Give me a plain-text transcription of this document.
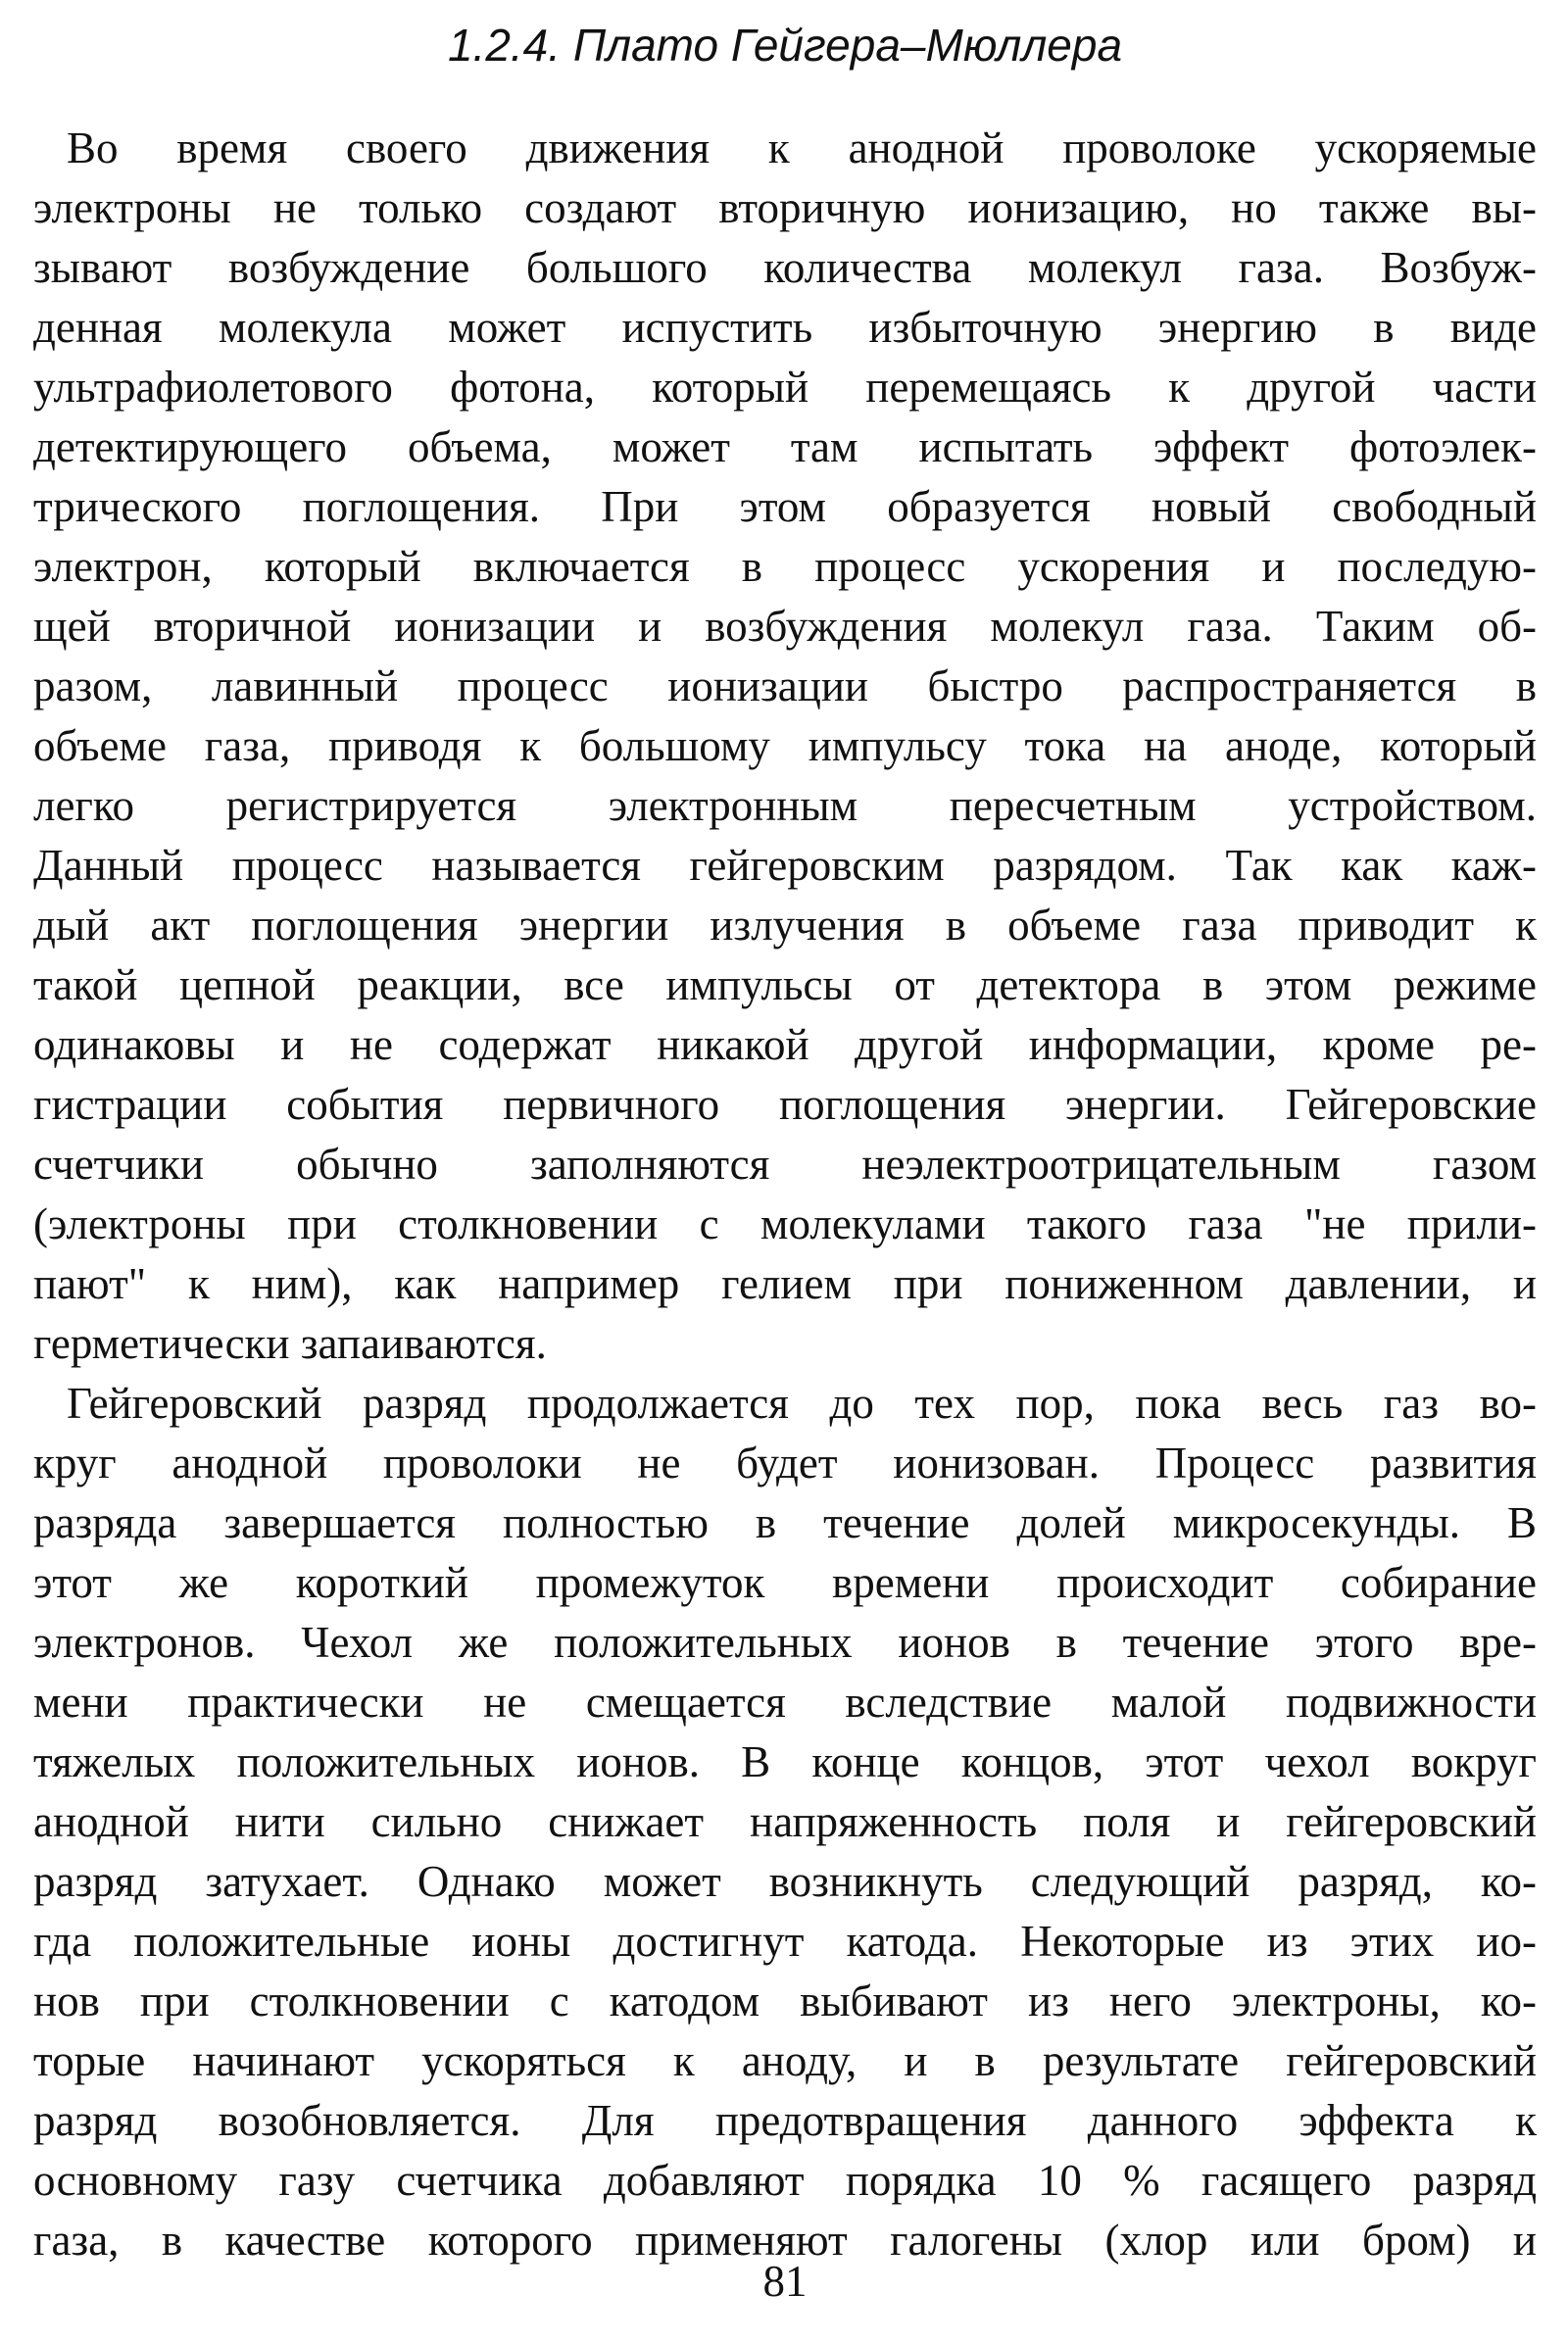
1.2.4. Плато Гейгера–Мюллера
Во время своего движения к анодной проволоке ускоряемые
электроны не только создают вторичную ионизацию, но также вы-
зывают возбуждение большого количества молекул газа. Возбуж-
денная молекула может испустить избыточную энергию в виде
ультрафиолетового фотона, который перемещаясь к другой части
детектирующего объема, может там испытать эффект фотоэлек-
трического поглощения. При этом образуется новый свободный
электрон, который включается в процесс ускорения и последую-
щей вторичной ионизации и возбуждения молекул газа. Таким об-
разом, лавинный процесс ионизации быстро распространяется в
объеме газа, приводя к большому импульсу тока на аноде, который
легко регистрируется электронным пересчетным устройством.
Данный процесс называется гейгеровским разрядом. Так как каж-
дый акт поглощения энергии излучения в объеме газа приводит к
такой цепной реакции, все импульсы от детектора в этом режиме
одинаковы и не содержат никакой другой информации, кроме ре-
гистрации события первичного поглощения энергии. Гейгеровские
счетчики обычно заполняются неэлектроотрицательным газом
(электроны при столкновении с молекулами такого газа "не прили-
пают" к ним), как например гелием при пониженном давлении, и
герметически запаиваются.
Гейгеровский разряд продолжается до тех пор, пока весь газ во-
круг анодной проволоки не будет ионизован. Процесс развития
разряда завершается полностью в течение долей микросекунды. В
этот же короткий промежуток времени происходит собирание
электронов. Чехол же положительных ионов в течение этого вре-
мени практически не смещается вследствие малой подвижности
тяжелых положительных ионов. В конце концов, этот чехол вокруг
анодной нити сильно снижает напряженность поля и гейгеровский
разряд затухает. Однако может возникнуть следующий разряд, ко-
гда положительные ионы достигнут катода. Некоторые из этих ио-
нов при столкновении с катодом выбивают из него электроны, ко-
торые начинают ускоряться к аноду, и в результате гейгеровский
разряд возобновляется. Для предотвращения данного эффекта к
основному газу счетчика добавляют порядка 10 % гасящего разряд
газа, в качестве которого применяют галогены (хлор или бром) и
81
